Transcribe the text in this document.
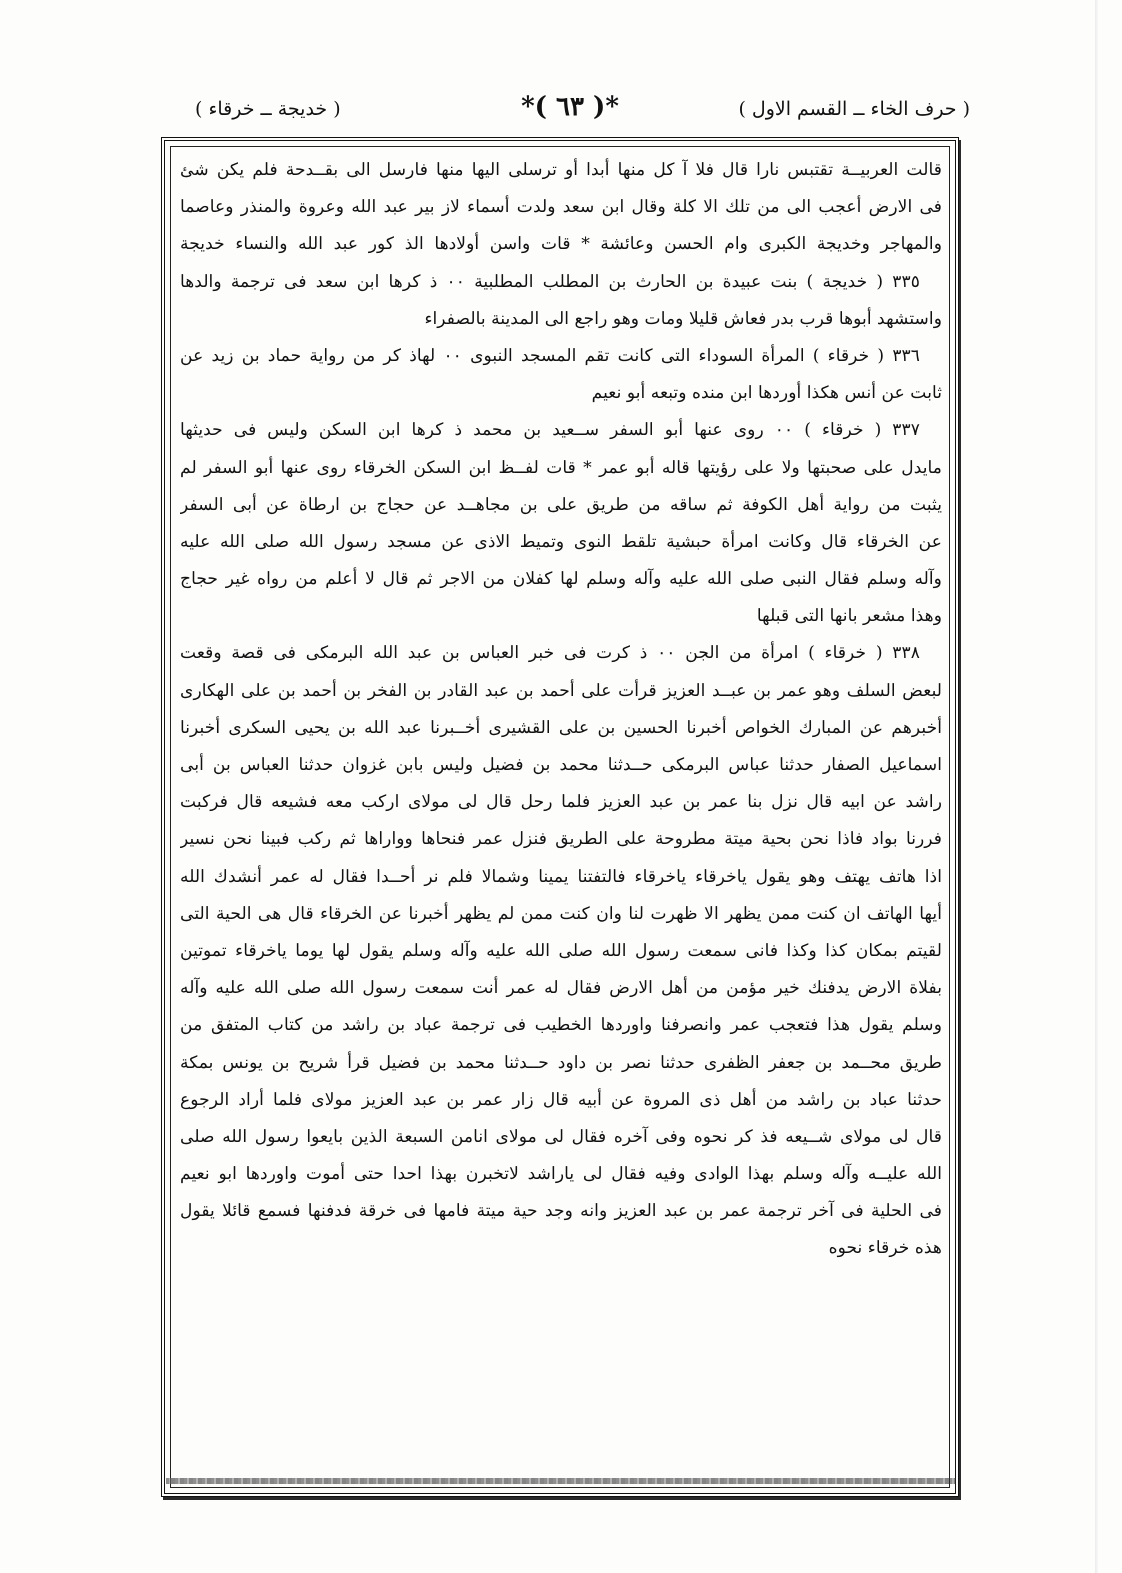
( حرف الخاء ــ القسم الاول )
*( ٦٣ )*
( خديجة ــ خرقاء )
قالت العربيــة تقتبس نارا قال فلا آ كل منها أبدا أو ترسلى اليها منها فارسل الى بقــدحة فلم يكن شئ
فى الارض أعجب الى من تلك الا كلة وقال ابن سعد ولدت أسماء لاز بير عبد الله وعروة والمنذر وعاصما
والمهاجر وخديجة الكبرى وام الحسن وعائشة * قات واسن أولادها الذ كور عبد الله والنساء خديجة
٣٣٥ ( خديجة ) بنت عبيدة بن الحارث بن المطلب المطلبية ٠٠ ذ كرها ابن سعد فى ترجمة والدها
واستشهد أبوها قرب بدر فعاش قليلا ومات وهو راجع الى المدينة بالصفراء
٣٣٦ ( خرقاء ) المرأة السوداء التى كانت تقم المسجد النبوى ٠٠ لهاذ كر من رواية حماد بن زيد عن
ثابت عن أنس هكذا أوردها ابن منده وتبعه أبو نعيم
٣٣٧ ( خرقاء ) ٠٠ روى عنها أبو السفر ســعيد بن محمد ذ كرها ابن السكن وليس فى حديثها
مايدل على صحبتها ولا على رؤيتها قاله أبو عمر * قات لفــظ ابن السكن الخرقاء روى عنها أبو السفر لم
يثبت من رواية أهل الكوفة ثم ساقه من طريق على بن مجاهــد عن حجاج بن ارطاة عن أبى السفر
عن الخرقاء قال وكانت امرأة حبشية تلقط النوى وتميط الاذى عن مسجد رسول الله صلى الله عليه
وآله وسلم فقال النبى صلى الله عليه وآله وسلم لها كفلان من الاجر ثم قال لا أعلم من رواه غير حجاج
وهذا مشعر بانها التى قبلها
٣٣٨ ( خرقاء ) امرأة من الجن ٠٠ ذ كرت فى خبر العباس بن عبد الله البرمكى فى قصة وقعت
لبعض السلف وهو عمر بن عبــد العزيز قرأت على أحمد بن عبد القادر بن الفخر بن أحمد بن على الهكارى
أخبرهم عن المبارك الخواص أخبرنا الحسين بن على القشيرى أخــبرنا عبد الله بن يحيى السكرى أخبرنا
اسماعيل الصفار حدثنا عباس البرمكى حــدثنا محمد بن فضيل وليس بابن غزوان حدثنا العباس بن أبى
راشد عن ابيه قال نزل بنا عمر بن عبد العزيز فلما رحل قال لى مولاى اركب معه فشيعه قال فركبت
فررنا بواد فاذا نحن بحية ميتة مطروحة على الطريق فنزل عمر فنحاها وواراها ثم ركب فبينا نحن نسير
اذا هاتف يهتف وهو يقول ياخرقاء ياخرقاء فالتفتنا يمينا وشمالا فلم نر أحــدا فقال له عمر أنشدك الله
أيها الهاتف ان كنت ممن يظهر الا ظهرت لنا وان كنت ممن لم يظهر أخبرنا عن الخرقاء قال هى الحية التى
لقيتم بمكان كذا وكذا فانى سمعت رسول الله صلى الله عليه وآله وسلم يقول لها يوما ياخرقاء تموتين
بفلاة الارض يدفنك خير مؤمن من أهل الارض فقال له عمر أنت سمعت رسول الله صلى الله عليه وآله
وسلم يقول هذا فتعجب عمر وانصرفنا واوردها الخطيب فى ترجمة عباد بن راشد من كتاب المتفق من
طريق محــمد بن جعفر الظفرى حدثنا نصر بن داود حــدثنا محمد بن فضيل قرأ شريح بن يونس بمكة
حدثنا عباد بن راشد من أهل ذى المروة عن أبيه قال زار عمر بن عبد العزيز مولاى فلما أراد الرجوع
قال لى مولاى شــيعه فذ كر نحوه وفى آخره فقال لى مولاى انامن السبعة الذين بايعوا رسول الله صلى
الله عليــه وآله وسلم بهذا الوادى وفيه فقال لى ياراشد لاتخبرن بهذا احدا حتى أموت واوردها ابو نعيم
فى الحلية فى آخر ترجمة عمر بن عبد العزيز وانه وجد حية ميتة فامها فى خرقة فدفنها فسمع قائلا يقول
هذه خرقاء نحوه
